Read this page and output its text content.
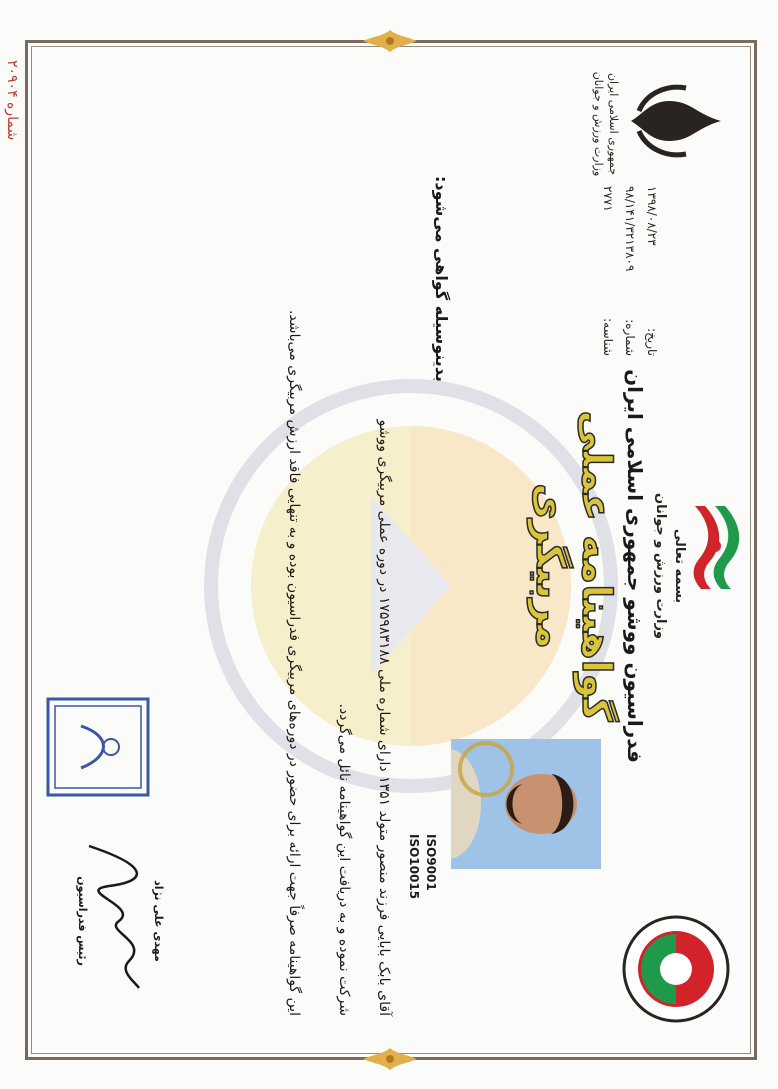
شماره ۲۰۹۰۴	جمهوری اسلامی ایران
وزارت ورزش و جوانان
تاریخ:
۱۳۹۸/۰۸/۲۳
شماره:
۹۸/۱۴۱/۳۲۱۳۸۰۹
شناسه:
۲۷۷۱
بسمه تعالی
وزارت ورزش و جوانان
فدراسیون ووشو جمهوری اسلامی ایران
گواهینامه عملی مربیگری
ISO9001
ISO10015
بدینوسیله گواهی می‌شود:
آقای بابک بابایی فرزند منصور متولد ۱۳۵۱ دارای شماره ملی ۱۷۵۹۸۳۱۸۸ در دوره عملی مربیگری ووشو
شرکت نموده و به دریافت این گواهینامه نائل می‌گردد.
این گواهینامه صرفاً جهت ارائه برای حضور در دوره‌های مربیگری فدراسیون بوده و به تنهایی فاقد ارزش مربیگری می‌باشد.
مهدی علی نژاد
رئیس فدراسیون
